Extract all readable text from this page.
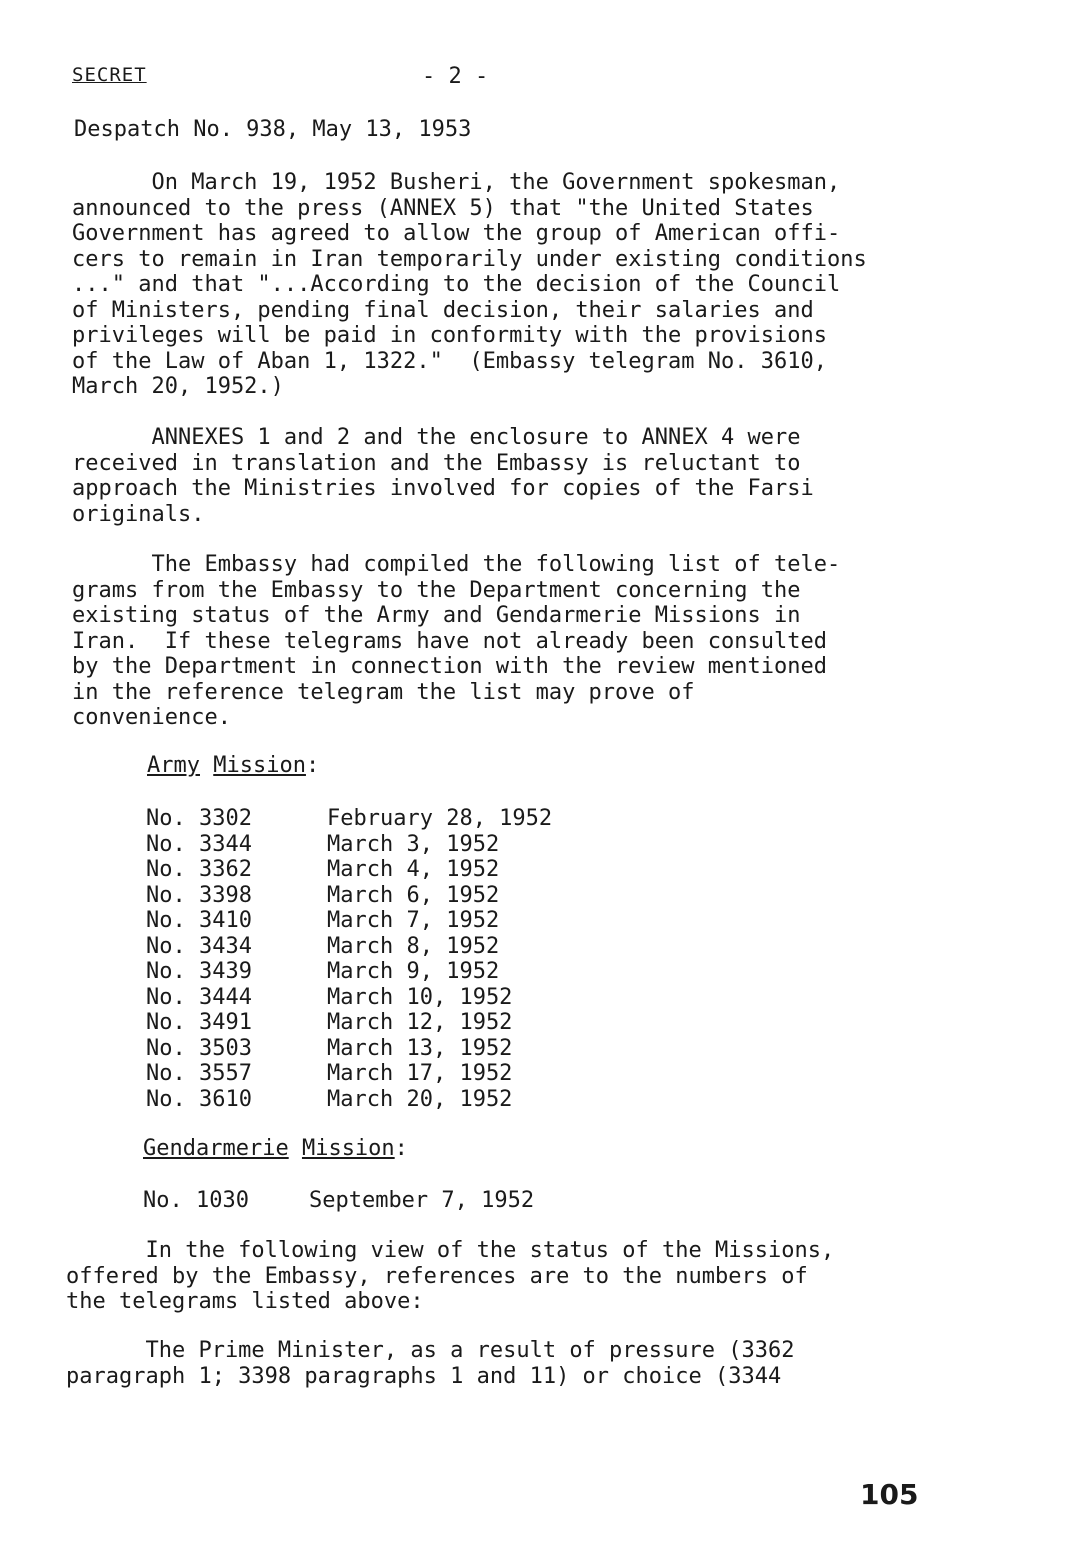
SECRET	- 2 -
Despatch No. 938, May 13, 1953
On March 19, 1952 Busheri, the Government spokesman,
announced to the press (ANNEX 5) that "the United States
Government has agreed to allow the group of American offi-
cers to remain in Iran temporarily under existing conditions
..." and that "...According to the decision of the Council
of Ministers, pending final decision, their salaries and
privileges will be paid in conformity with the provisions
of the Law of Aban 1, 1322."  (Embassy telegram No. 3610,
March 20, 1952.)
ANNEXES 1 and 2 and the enclosure to ANNEX 4 were
received in translation and the Embassy is reluctant to
approach the Ministries involved for copies of the Farsi
originals.
The Embassy had compiled the following list of tele-
grams from the Embassy to the Department concerning the
existing status of the Army and Gendarmerie Missions in
Iran.  If these telegrams have not already been consulted
by the Department in connection with the review mentioned
in the reference telegram the list may prove of
convenience.
Army Mission:
No. 3302	February 28, 1952
No. 3344	March 3, 1952
No. 3362	March 4, 1952
No. 3398	March 6, 1952
No. 3410	March 7, 1952
No. 3434	March 8, 1952
No. 3439	March 9, 1952
No. 3444	March 10, 1952
No. 3491	March 12, 1952
No. 3503	March 13, 1952
No. 3557	March 17, 1952
No. 3610	March 20, 1952
Gendarmerie Mission:
No. 1030	September 7, 1952
In the following view of the status of the Missions,
offered by the Embassy, references are to the numbers of
the telegrams listed above:
The Prime Minister, as a result of pressure (3362
paragraph 1; 3398 paragraphs 1 and 11) or choice (3344
105
